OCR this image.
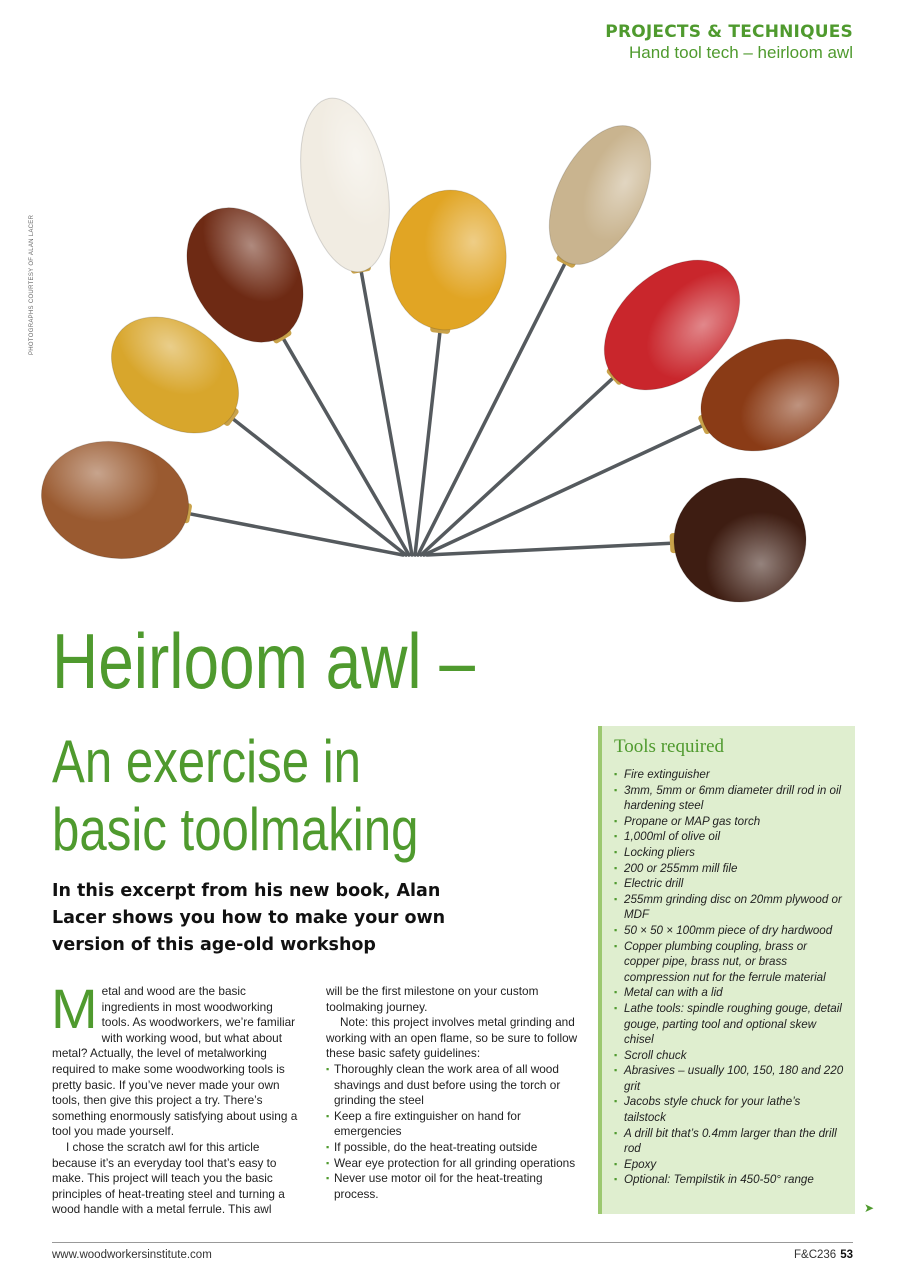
PROJECTS & TECHNIQUES
Hand tool tech – heirloom awl
PHOTOGRAPHS COURTESY OF ALAN LACER
Heirloom awl –
An exercise in
basic toolmaking
In this excerpt from his new book, Alan Lacer shows you how to make your own version of this age-old workshop

Metal and wood are the basic ingredients in most woodworking tools. As woodworkers, we’re familiar with working wood, but what about metal? Actually, the level of metalworking required to make some woodworking tools is pretty basic. If you’ve never made your own tools, then give this project a try. There’s something enormously satisfying about using a tool you made yourself.

I chose the scratch awl for this article because it’s an everyday tool that’s easy to make. This project will teach you the basic principles of heat-treating steel and turning a wood handle with a metal ferrule. This awl

will be the first milestone on your custom toolmaking journey.

Note: this project involves metal grinding and working with an open flame, so be sure to follow these basic safety guidelines:

▪ Thoroughly clean the work area of all wood shavings and dust before using the torch or grinding the steel
▪ Keep a fire extinguisher on hand for emergencies
▪ If possible, do the heat-treating outside
▪ Wear eye protection for all grinding operations
▪ Never use motor oil for the heat-treating process.
Tools required
▪ Fire extinguisher
▪ 3mm, 5mm or 6mm diameter drill rod in oil hardening steel
▪ Propane or MAP gas torch
▪ 1,000ml of olive oil
▪ Locking pliers
▪ 200 or 255mm mill file
▪ Electric drill
▪ 255mm grinding disc on 20mm plywood or MDF
▪ 50 × 50 × 100mm piece of dry hardwood
▪ Copper plumbing coupling, brass or copper pipe, brass nut, or brass compression nut for the ferrule material
▪ Metal can with a lid
▪ Lathe tools: spindle roughing gouge, detail gouge, parting tool and optional skew chisel
▪ Scroll chuck
▪ Abrasives – usually 100, 150, 180 and 220 grit
▪ Jacobs style chuck for your lathe’s tailstock
▪ A drill bit that’s 0.4mm larger than the drill rod
▪ Epoxy
▪ Optional: Tempilstik in 450-50° range
➤
www.woodworkersinstitute.com	F&C236 53
